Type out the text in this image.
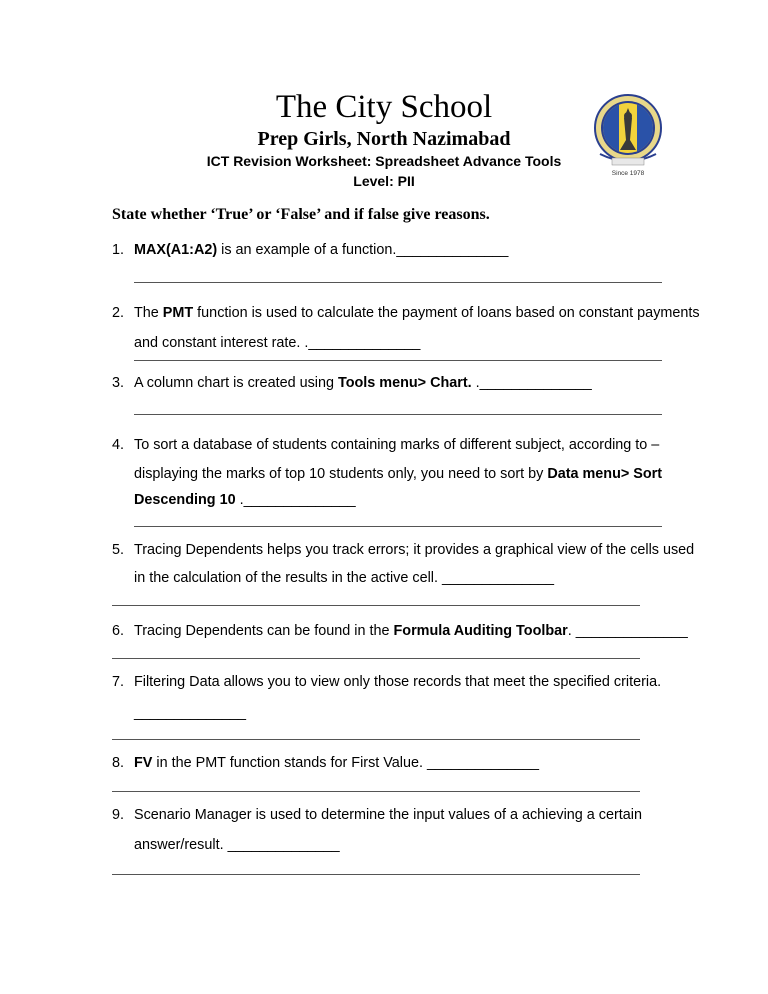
The City School
Prep Girls, North Nazimabad
ICT Revision Worksheet: Spreadsheet Advance Tools
Level: PII	Since 1978
State whether ‘True’ or ‘False’ and if false give reasons.
1. MAX(A1:A2) is an example of a function.______________
2. The PMT function is used to calculate the payment of loans based on constant payments
and constant interest rate. .______________
3. A column chart is created using Tools menu> Chart. .______________
4. To sort a database of students containing marks of different subject, according to –
displaying the marks of top 10 students only, you need to sort by Data menu> Sort
Descending 10 .______________
5. Tracing Dependents helps you track errors; it provides a graphical view of the cells used
in the calculation of the results in the active cell. ______________
6. Tracing Dependents can be found in the Formula Auditing Toolbar. ______________
7. Filtering Data allows you to view only those records that meet the specified criteria.
______________
8. FV in the PMT function stands for First Value. ______________
9. Scenario Manager is used to determine the input values of a achieving a certain
answer/result. ______________
